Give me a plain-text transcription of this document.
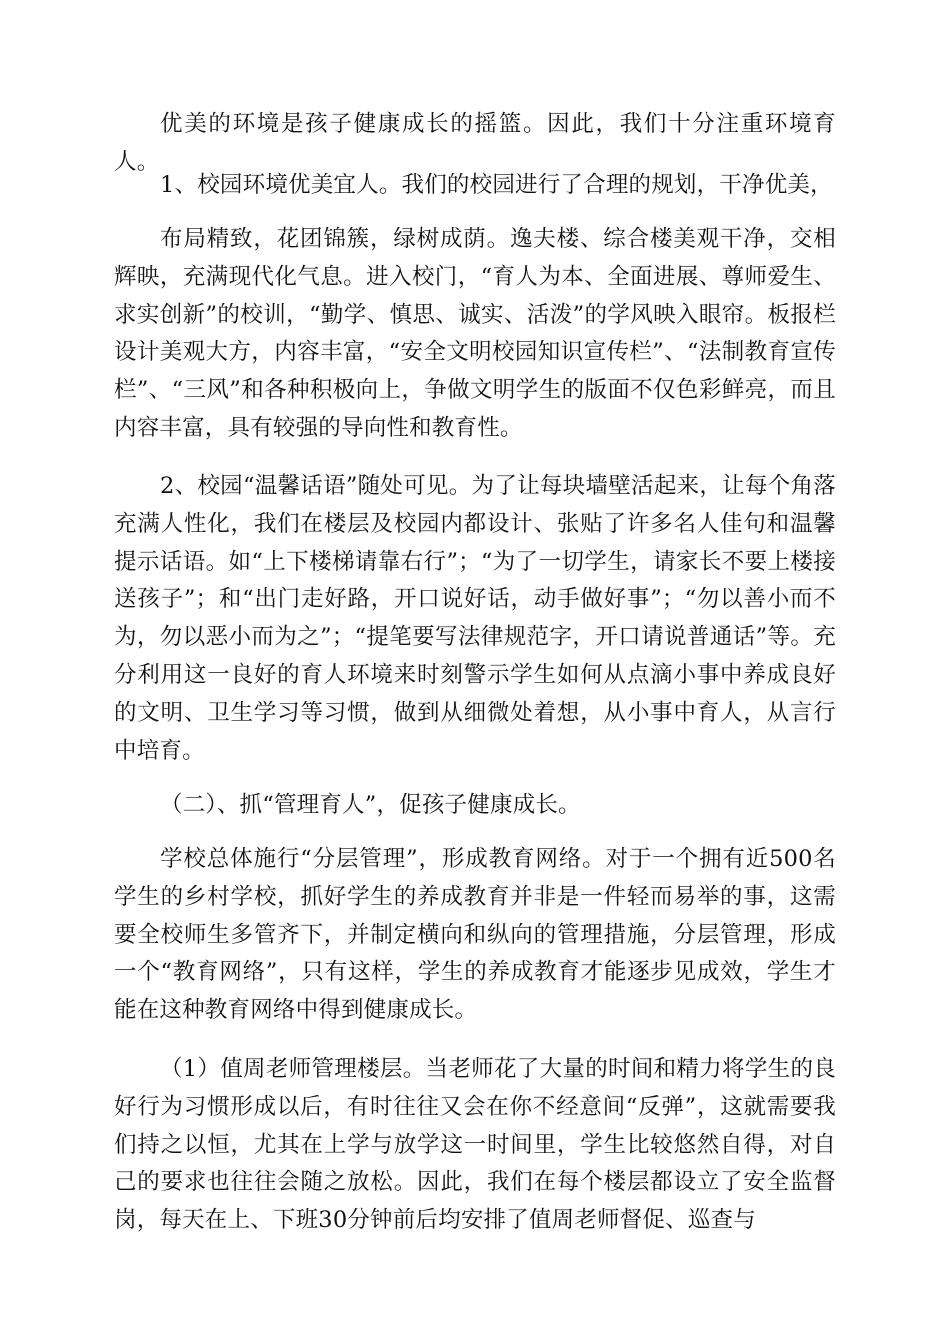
优美的环境是孩子健康成长的摇篮。因此，我们十分注重环境育人。

1、校园环境优美宜人。我们的校园进行了合理的规划，干净优美，

布局精致，花团锦簇，绿树成荫。逸夫楼、综合楼美观干净，交相辉映，充满现代化气息。进入校门，“育人为本、全面进展、尊师爱生、求实创新”的校训，“勤学、慎思、诚实、活泼”的学风映入眼帘。板报栏设计美观大方，内容丰富，“安全文明校园知识宣传栏”、“法制教育宣传栏”、“三风”和各种积极向上，争做文明学生的版面不仅色彩鲜亮，而且内容丰富，具有较强的导向性和教育性。

2、校园“温馨话语”随处可见。为了让每块墙壁活起来，让每个角落充满人性化，我们在楼层及校园内都设计、张贴了许多名人佳句和温馨提示话语。如“上下楼梯请靠右行”；“为了一切学生，请家长不要上楼接送孩子”；和“出门走好路，开口说好话，动手做好事”；“勿以善小而不为，勿以恶小而为之”；“提笔要写法律规范字，开口请说普通话”等。充分利用这一良好的育人环境来时刻警示学生如何从点滴小事中养成良好的文明、卫生学习等习惯，做到从细微处着想，从小事中育人，从言行中培育。

（二）、抓“管理育人”，促孩子健康成长。

学校总体施行“分层管理”，形成教育网络。对于一个拥有近500名学生的乡村学校，抓好学生的养成教育并非是一件轻而易举的事，这需要全校师生多管齐下，并制定横向和纵向的管理措施，分层管理，形成一个“教育网络”，只有这样，学生的养成教育才能逐步见成效，学生才能在这种教育网络中得到健康成长。

（1）值周老师管理楼层。当老师花了大量的时间和精力将学生的良好行为习惯形成以后，有时往往又会在你不经意间“反弹”，这就需要我们持之以恒，尤其在上学与放学这一时间里，学生比较悠然自得，对自己的要求也往往会随之放松。因此，我们在每个楼层都设立了安全监督岗，每天在上、下班30分钟前后均安排了值周老师督促、巡查与
